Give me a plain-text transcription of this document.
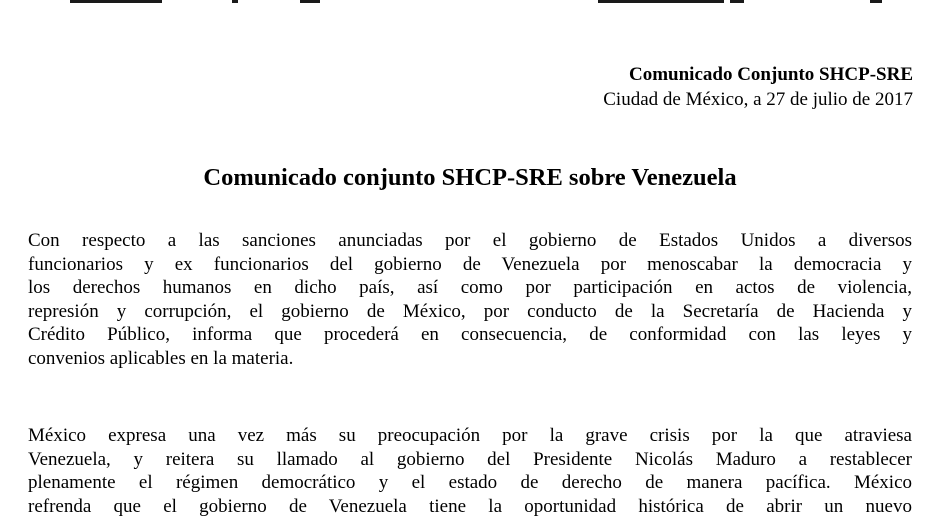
Comunicado Conjunto SHCP-SRE
Ciudad de México, a 27 de julio de 2017
Comunicado conjunto SHCP-SRE sobre Venezuela

Con respecto a las sanciones anunciadas por el gobierno de Estados Unidos a diversos
funcionarios y ex funcionarios del gobierno de Venezuela por menoscabar la democracia y
los derechos humanos en dicho país, así como por participación en actos de violencia,
represión y corrupción, el gobierno de México, por conducto de la Secretaría de Hacienda y
Crédito Público, informa que procederá en consecuencia, de conformidad con las leyes y
convenios aplicables en la materia.

México expresa una vez más su preocupación por la grave crisis por la que atraviesa
Venezuela, y reitera su llamado al gobierno del Presidente Nicolás Maduro a restablecer
plenamente el régimen democrático y el estado de derecho de manera pacífica. México
refrenda que el gobierno de Venezuela tiene la oportunidad histórica de abrir un nuevo
